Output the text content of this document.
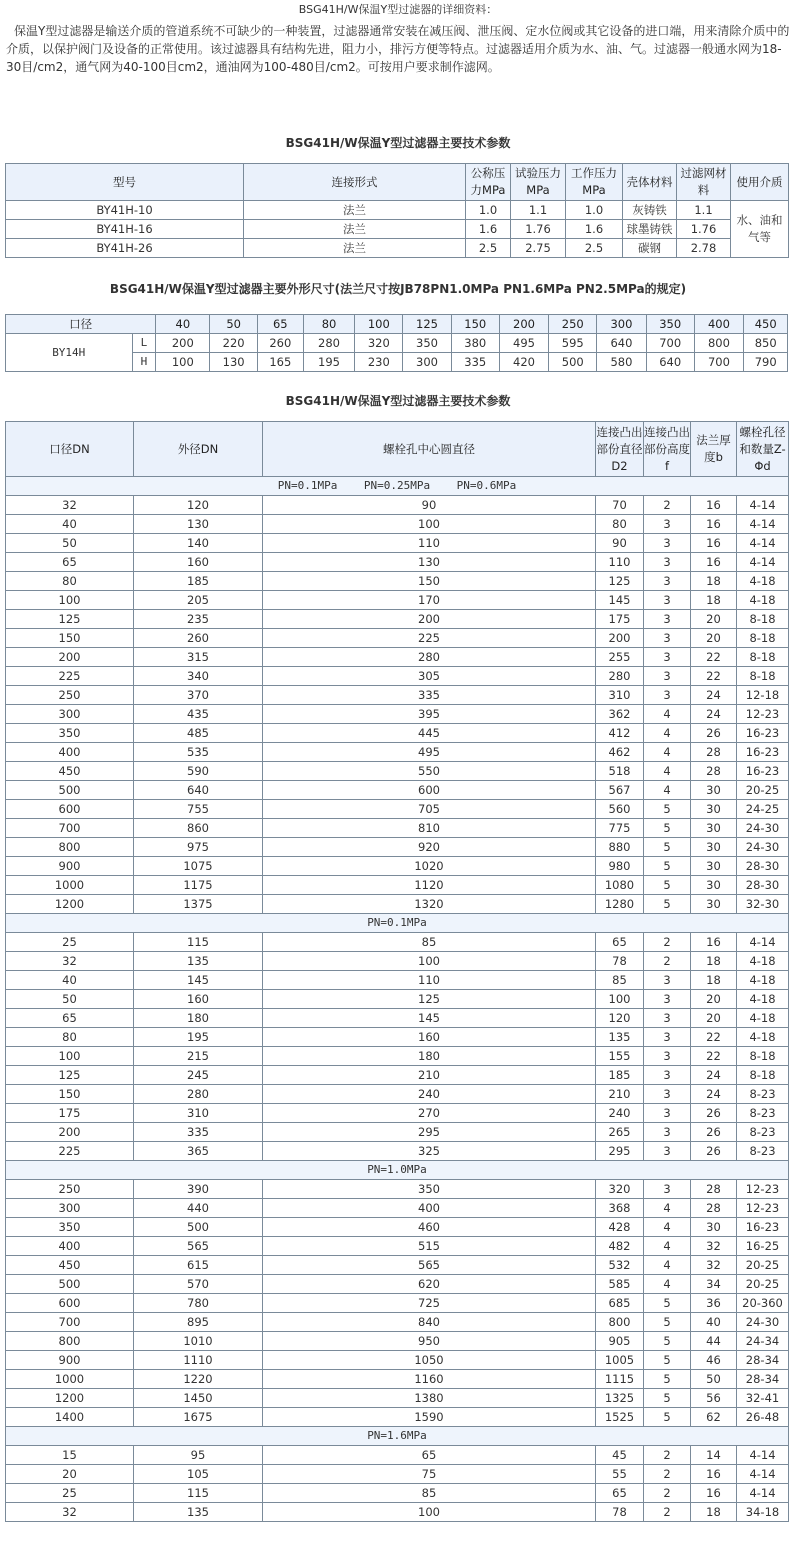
BSG41H/W保温Y型过滤器的详细资料：
保温Y型过滤器是输送介质的管道系统不可缺少的一种装置，过滤器通常安装在减压阀、泄压阀、定水位阀或其它设备的进口端，用来清除介质中的介质，以保护阀门及设备的正常使用。该过滤器具有结构先进，阻力小，排污方便等特点。过滤器适用介质为水、油、气。过滤器一般通水网为18-30目/cm2，通气网为40-100目cm2，通油网为100-480目/cm2。可按用户要求制作滤网。
BSG41H/W保温Y型过滤器主要技术参数
型号	连接形式	公称压力MPa	试验压力MPa	工作压力MPa	壳体材料	过滤网材料	使用介质
BY41H-10	法兰	1.0	1.1	1.0	灰铸铁	1.1	水、油和气等
BY41H-16	法兰	1.6	1.76	1.6	球墨铸铁	1.76	
BY41H-26	法兰	2.5	2.75	2.5	碳钢	2.78	
BSG41H/W保温Y型过滤器主要外形尺寸(法兰尺寸按JB78PN1.0MPa PN1.6MPa PN2.5MPa的规定)
口径		40	50	65	80	100	125	150	200	250	300	350	400	450
BY14H	L	200	220	260	280	320	350	380	495	595	640	700	800	850
	H	100	130	165	195	230	300	335	420	500	580	640	700	790
BSG41H/W保温Y型过滤器主要技术参数
口径DN	外径DN	螺栓孔中心圆直径	连接凸出部份直径D2	连接凸出部份高度f	法兰厚度b	螺栓孔径和数量Z-Φd
PN=0.1MPa    PN=0.25MPa    PN=0.6MPa						
32	120	90	70	2	16	4-14
40	130	100	80	3	16	4-14
50	140	110	90	3	16	4-14
65	160	130	110	3	16	4-14
80	185	150	125	3	18	4-18
100	205	170	145	3	18	4-18
125	235	200	175	3	20	8-18
150	260	225	200	3	20	8-18
200	315	280	255	3	22	8-18
225	340	305	280	3	22	8-18
250	370	335	310	3	24	12-18
300	435	395	362	4	24	12-23
350	485	445	412	4	26	16-23
400	535	495	462	4	28	16-23
450	590	550	518	4	28	16-23
500	640	600	567	4	30	20-25
600	755	705	560	5	30	24-25
700	860	810	775	5	30	24-30
800	975	920	880	5	30	24-30
900	1075	1020	980	5	30	28-30
1000	1175	1120	1080	5	30	28-30
1200	1375	1320	1280	5	30	32-30
PN=0.1MPa						
25	115	85	65	2	16	4-14
32	135	100	78	2	18	4-18
40	145	110	85	3	18	4-18
50	160	125	100	3	20	4-18
65	180	145	120	3	20	4-18
80	195	160	135	3	22	4-18
100	215	180	155	3	22	8-18
125	245	210	185	3	24	8-18
150	280	240	210	3	24	8-23
175	310	270	240	3	26	8-23
200	335	295	265	3	26	8-23
225	365	325	295	3	26	8-23
PN=1.0MPa						
250	390	350	320	3	28	12-23
300	440	400	368	4	28	12-23
350	500	460	428	4	30	16-23
400	565	515	482	4	32	16-25
450	615	565	532	4	32	20-25
500	570	620	585	4	34	20-25
600	780	725	685	5	36	20-360
700	895	840	800	5	40	24-30
800	1010	950	905	5	44	24-34
900	1110	1050	1005	5	46	28-34
1000	1220	1160	1115	5	50	28-34
1200	1450	1380	1325	5	56	32-41
1400	1675	1590	1525	5	62	26-48
PN=1.6MPa						
15	95	65	45	2	14	4-14
20	105	75	55	2	16	4-14
25	115	85	65	2	16	4-14
32	135	100	78	2	18	34-18
